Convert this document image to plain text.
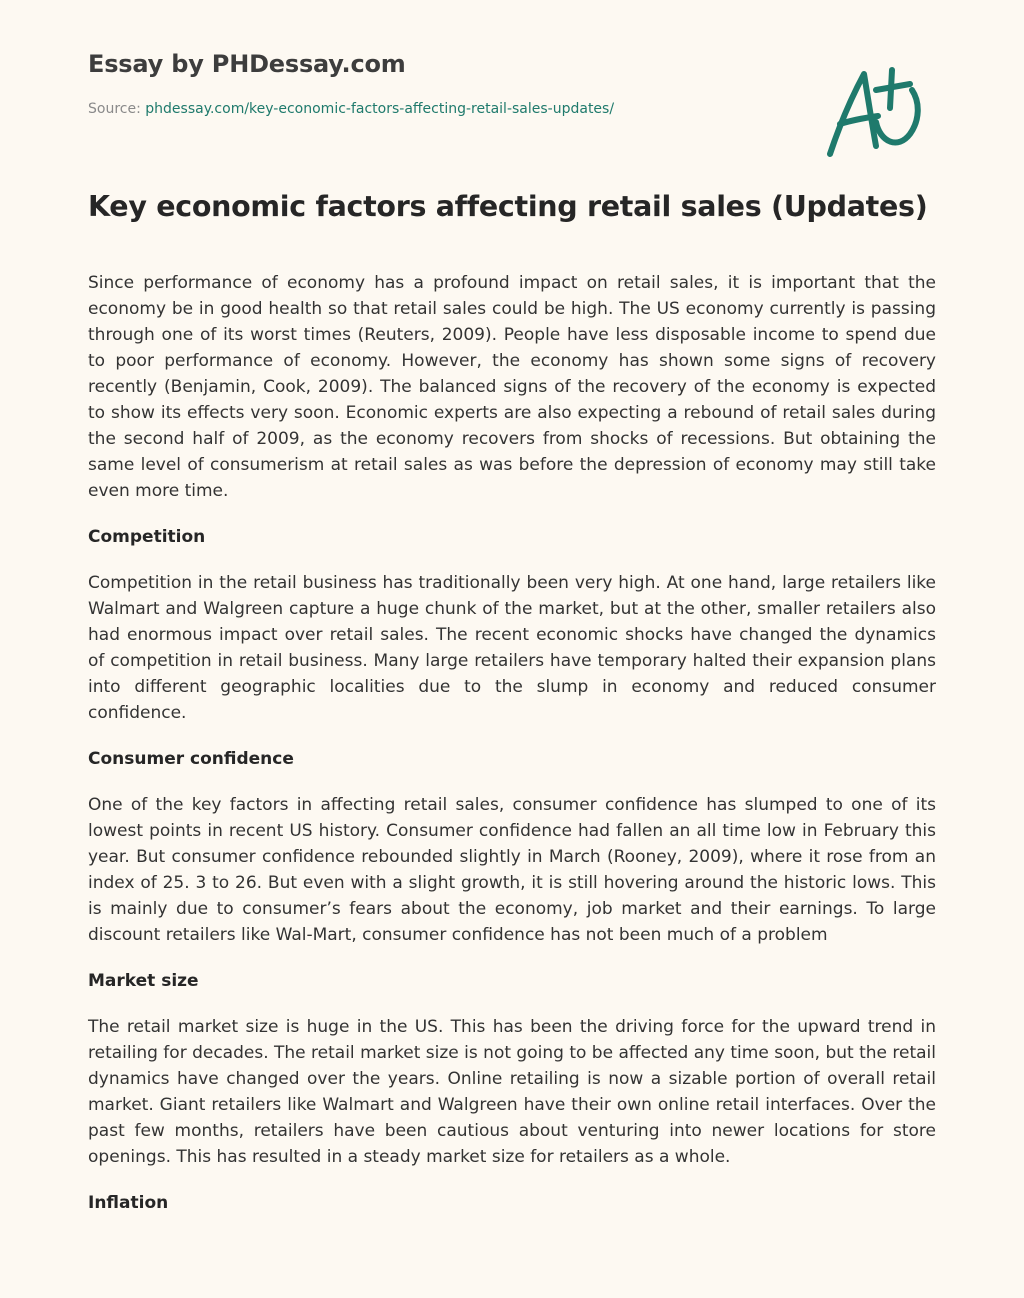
Essay by PHDessay.com
Source: phdessay.com/key-economic-factors-affecting-retail-sales-updates/
Key economic factors affecting retail sales (Updates)

Since performance of economy has a profound impact on retail sales, it is important that the economy be in good health so that retail sales could be high. The US economy currently is passing through one of its worst times (Reuters, 2009). People have less disposable income to spend due to poor performance of economy. However, the economy has shown some signs of recovery recently (Benjamin, Cook, 2009). The balanced signs of the recovery of the economy is expected to show its effects very soon. Economic experts are also expecting a rebound of retail sales during the second half of 2009, as the economy recovers from shocks of recessions. But obtaining the same level of consumerism at retail sales as was before the depression of economy may still take even more time.

Competition

Competition in the retail business has traditionally been very high. At one hand, large retailers like Walmart and Walgreen capture a huge chunk of the market, but at the other, smaller retailers also had enormous impact over retail sales. The recent economic shocks have changed the dynamics of competition in retail business. Many large retailers have temporary halted their expansion plans into different geographic localities due to the slump in economy and reduced consumer confidence.

Consumer confidence

One of the key factors in affecting retail sales, consumer confidence has slumped to one of its lowest points in recent US history. Consumer confidence had fallen an all time low in February this year. But consumer confidence rebounded slightly in March (Rooney, 2009), where it rose from an index of 25. 3 to 26. But even with a slight growth, it is still hovering around the historic lows. This is mainly due to consumer’s fears about the economy, job market and their earnings. To large discount retailers like Wal-Mart, consumer confidence has not been much of a problem

Market size

The retail market size is huge in the US. This has been the driving force for the upward trend in retailing for decades. The retail market size is not going to be affected any time soon, but the retail dynamics have changed over the years. Online retailing is now a sizable portion of overall retail market. Giant retailers like Walmart and Walgreen have their own online retail interfaces. Over the past few months, retailers have been cautious about venturing into newer locations for store openings. This has resulted in a steady market size for retailers as a whole.

Inflation
